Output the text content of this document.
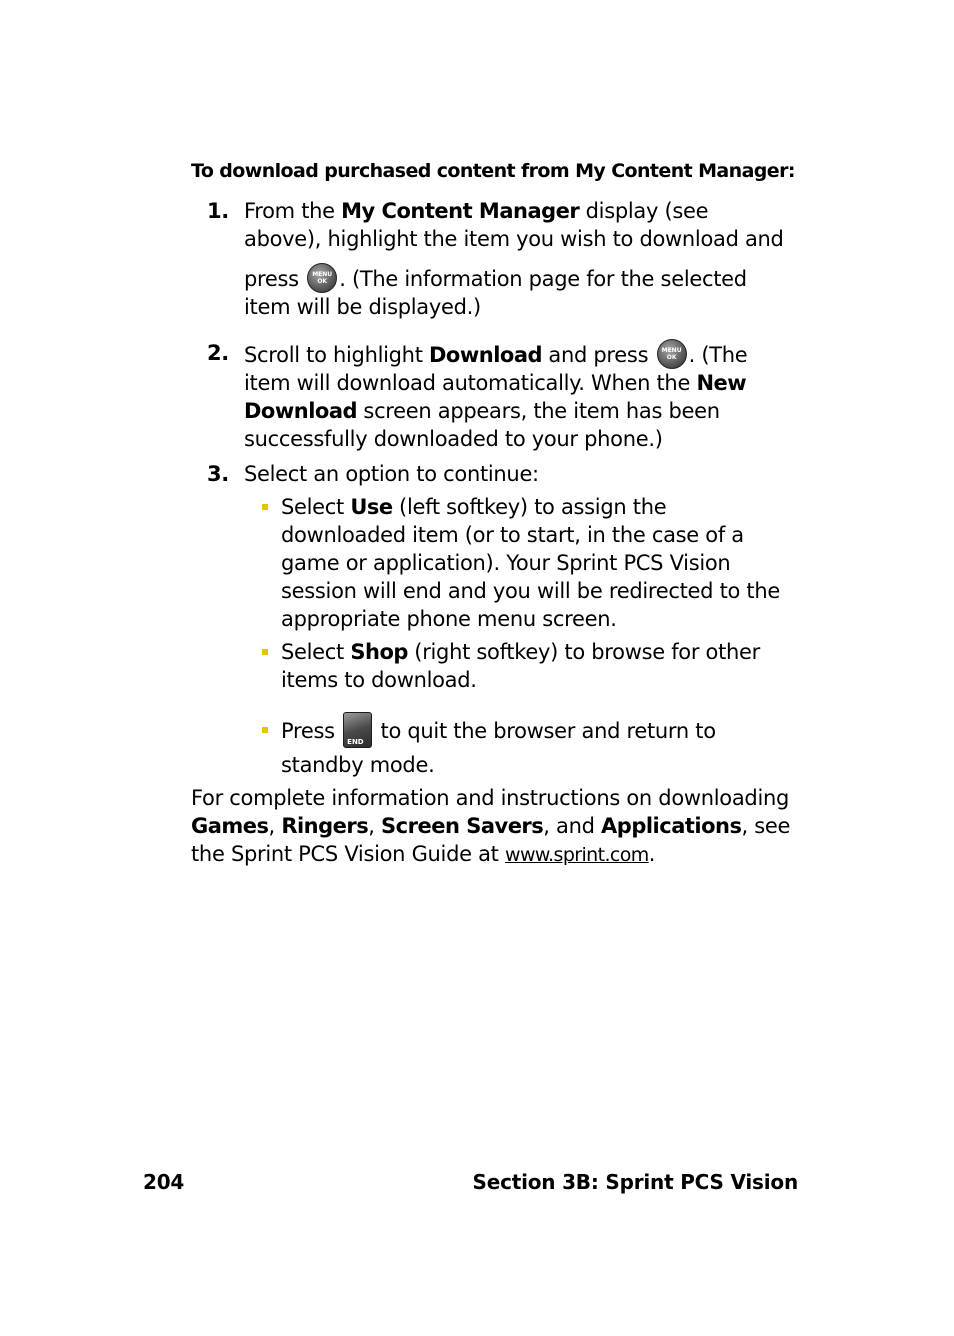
To download purchased content from My Content Manager:
1. From the My Content Manager display (see above), highlight the item you wish to download and
press	MENU
OK . (The information page for the selected item will be displayed.)
2. Scroll to highlight Download and press	MENU
OK . (The item will download automatically. When the New Download screen appears, the item has been successfully downloaded to your phone.)
3. Select an option to continue:
Select Use (left softkey) to assign the downloaded item (or to start, in the case of a game or application). Your Sprint PCS Vision session will end and you will be redirected to the appropriate phone menu screen.
Select Shop (right softkey) to browse for other items to download.
Press END to quit the browser and return to standby mode.
For complete information and instructions on downloading Games, Ringers, Screen Savers, and Applications, see the Sprint PCS Vision Guide at www.sprint.com.
204	Section 3B: Sprint PCS Vision
